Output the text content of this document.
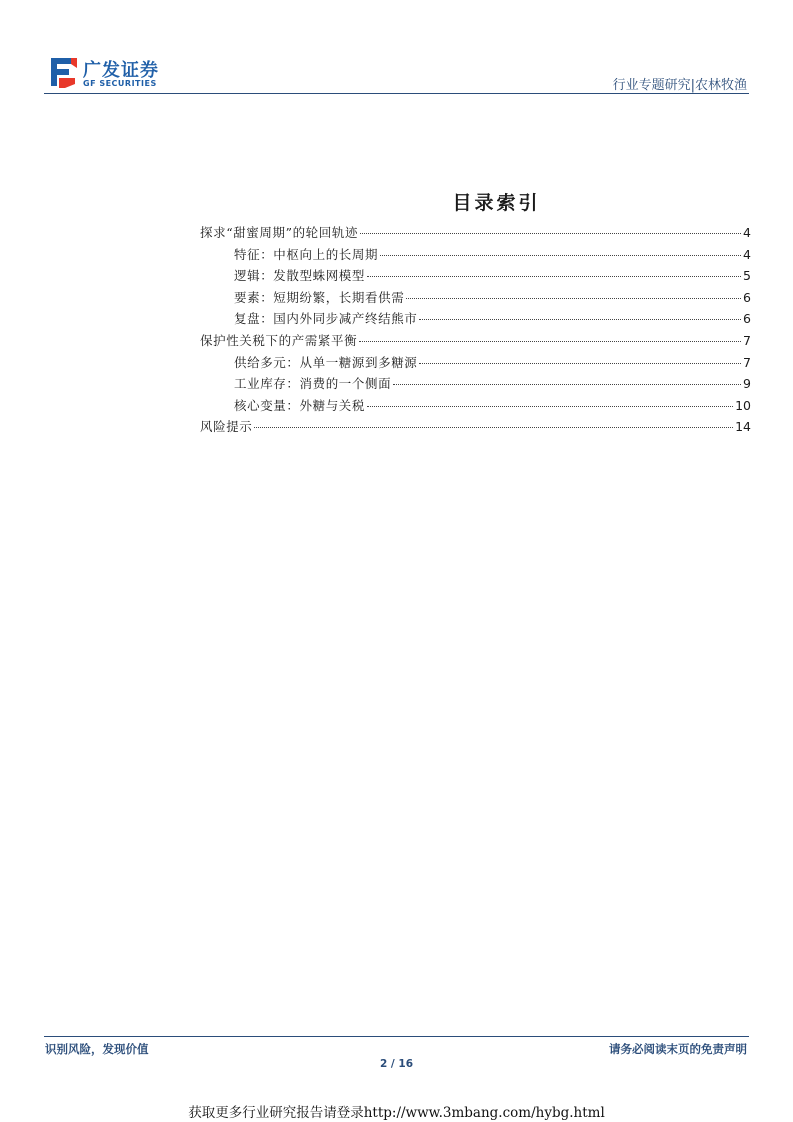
广发证券
GF SECURITIES	行业专题研究|农林牧渔
目录索引
探求“甜蜜周期”的轮回轨迹	4
特征：中枢向上的长周期	4
逻辑：发散型蛛网模型	5
要素：短期纷繁，长期看供需	6
复盘：国内外同步减产终结熊市	6
保护性关税下的产需紧平衡	7
供给多元：从单一糖源到多糖源	7
工业库存：消费的一个侧面	9
核心变量：外糖与关税	10
风险提示	14
识别风险，发现价值	请务必阅读末页的免责声明
2 / 16
获取更多行业研究报告请登录http://www.3mbang.com/hybg.html
